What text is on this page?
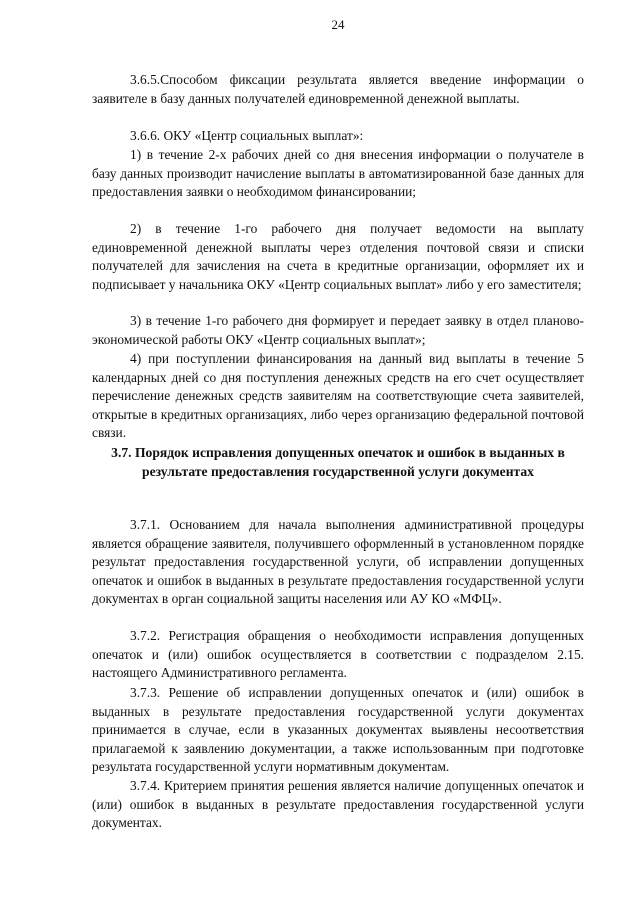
24

3.6.5.Способом фиксации результата является введение информации о заявителе в базу данных получателей единовременной денежной выплаты.

3.6.6. ОКУ «Центр социальных выплат»:

1) в течение 2-х рабочих дней со дня внесения информации о получателе в базу данных производит начисление выплаты в автоматизированной базе данных для предоставления заявки о необходимом финансировании;

2) в течение 1-го рабочего дня получает ведомости на выплату единовременной денежной выплаты через отделения почтовой связи и списки получателей для зачисления на счета в кредитные организации, оформляет их и подписывает у начальника ОКУ «Центр социальных выплат» либо у его заместителя;

3) в течение 1-го рабочего дня формирует и передает заявку в отдел планово-экономической работы ОКУ «Центр социальных выплат»;

4) при поступлении финансирования на данный вид выплаты в течение 5 календарных дней со дня поступления денежных средств на его счет осуществляет перечисление денежных средств заявителям на соответствующие счета заявителей, открытые в кредитных организациях, либо через организацию федеральной почтовой связи.

3.7. Порядок исправления допущенных опечаток и ошибок в выданных в результате предоставления государственной услуги документах

3.7.1. Основанием для начала выполнения административной процедуры является обращение заявителя, получившего оформленный в установленном порядке результат предоставления государственной услуги, об исправлении допущенных опечаток и ошибок в выданных в результате предоставления государственной услуги документах в орган социальной защиты населения или АУ КО «МФЦ».

3.7.2. Регистрация обращения о необходимости исправления допущенных опечаток и (или) ошибок осуществляется в соответствии с подразделом 2.15. настоящего Административного регламента.

3.7.3. Решение об исправлении допущенных опечаток и (или) ошибок в выданных в результате предоставления государственной услуги документах принимается в случае, если в указанных документах выявлены несоответствия прилагаемой к заявлению документации, а также использованным при подготовке результата государственной услуги нормативным документам.

3.7.4. Критерием принятия решения является наличие допущенных опечаток и (или) ошибок в выданных в результате предоставления государственной услуги документах.
